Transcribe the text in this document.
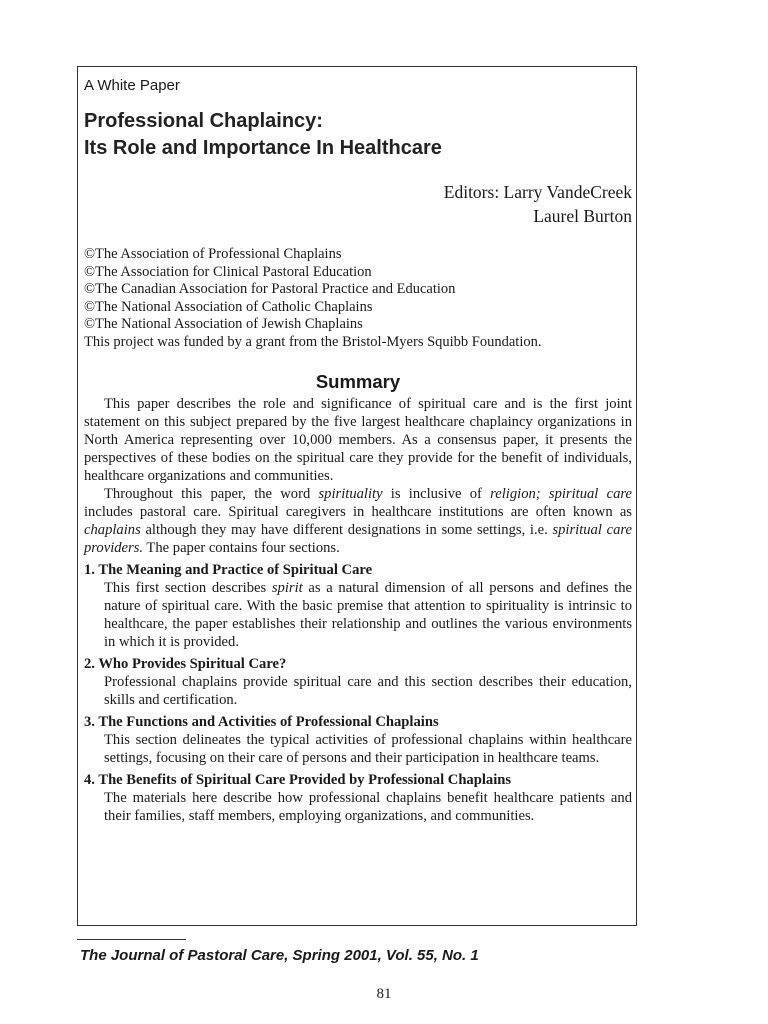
A White Paper
Professional Chaplaincy:
Its Role and Importance In Healthcare
Editors: Larry VandeCreek
Laurel Burton
©The Association of Professional Chaplains
©The Association for Clinical Pastoral Education
©The Canadian Association for Pastoral Practice and Education
©The National Association of Catholic Chaplains
©The National Association of Jewish Chaplains
This project was funded by a grant from the Bristol-Myers Squibb Foundation.
Summary

This paper describes the role and significance of spiritual care and is the first joint statement on this subject prepared by the five largest healthcare chaplaincy organizations in North America representing over 10,000 members. As a consensus paper, it presents the perspectives of these bodies on the spiritual care they provide for the benefit of individuals, healthcare organizations and communities.

Throughout this paper, the word spirituality is inclusive of religion; spiritual care includes pastoral care. Spiritual caregivers in healthcare institutions are often known as chaplains although they may have different designations in some settings, i.e. spiritual care providers. The paper contains four sections.

1. The Meaning and Practice of Spiritual Care

This first section describes spirit as a natural dimension of all persons and defines the nature of spiritual care. With the basic premise that attention to spirituality is intrinsic to healthcare, the paper establishes their relationship and outlines the various environments in which it is provided.

2. Who Provides Spiritual Care?

Professional chaplains provide spiritual care and this section describes their education, skills and certification.

3. The Functions and Activities of Professional Chaplains

This section delineates the typical activities of professional chaplains within healthcare settings, focusing on their care of persons and their participation in healthcare teams.

4. The Benefits of Spiritual Care Provided by Professional Chaplains

The materials here describe how professional chaplains benefit healthcare patients and their families, staff members, employing organizations, and communities.

The Journal of Pastoral Care, Spring 2001, Vol. 55, No. 1
81
